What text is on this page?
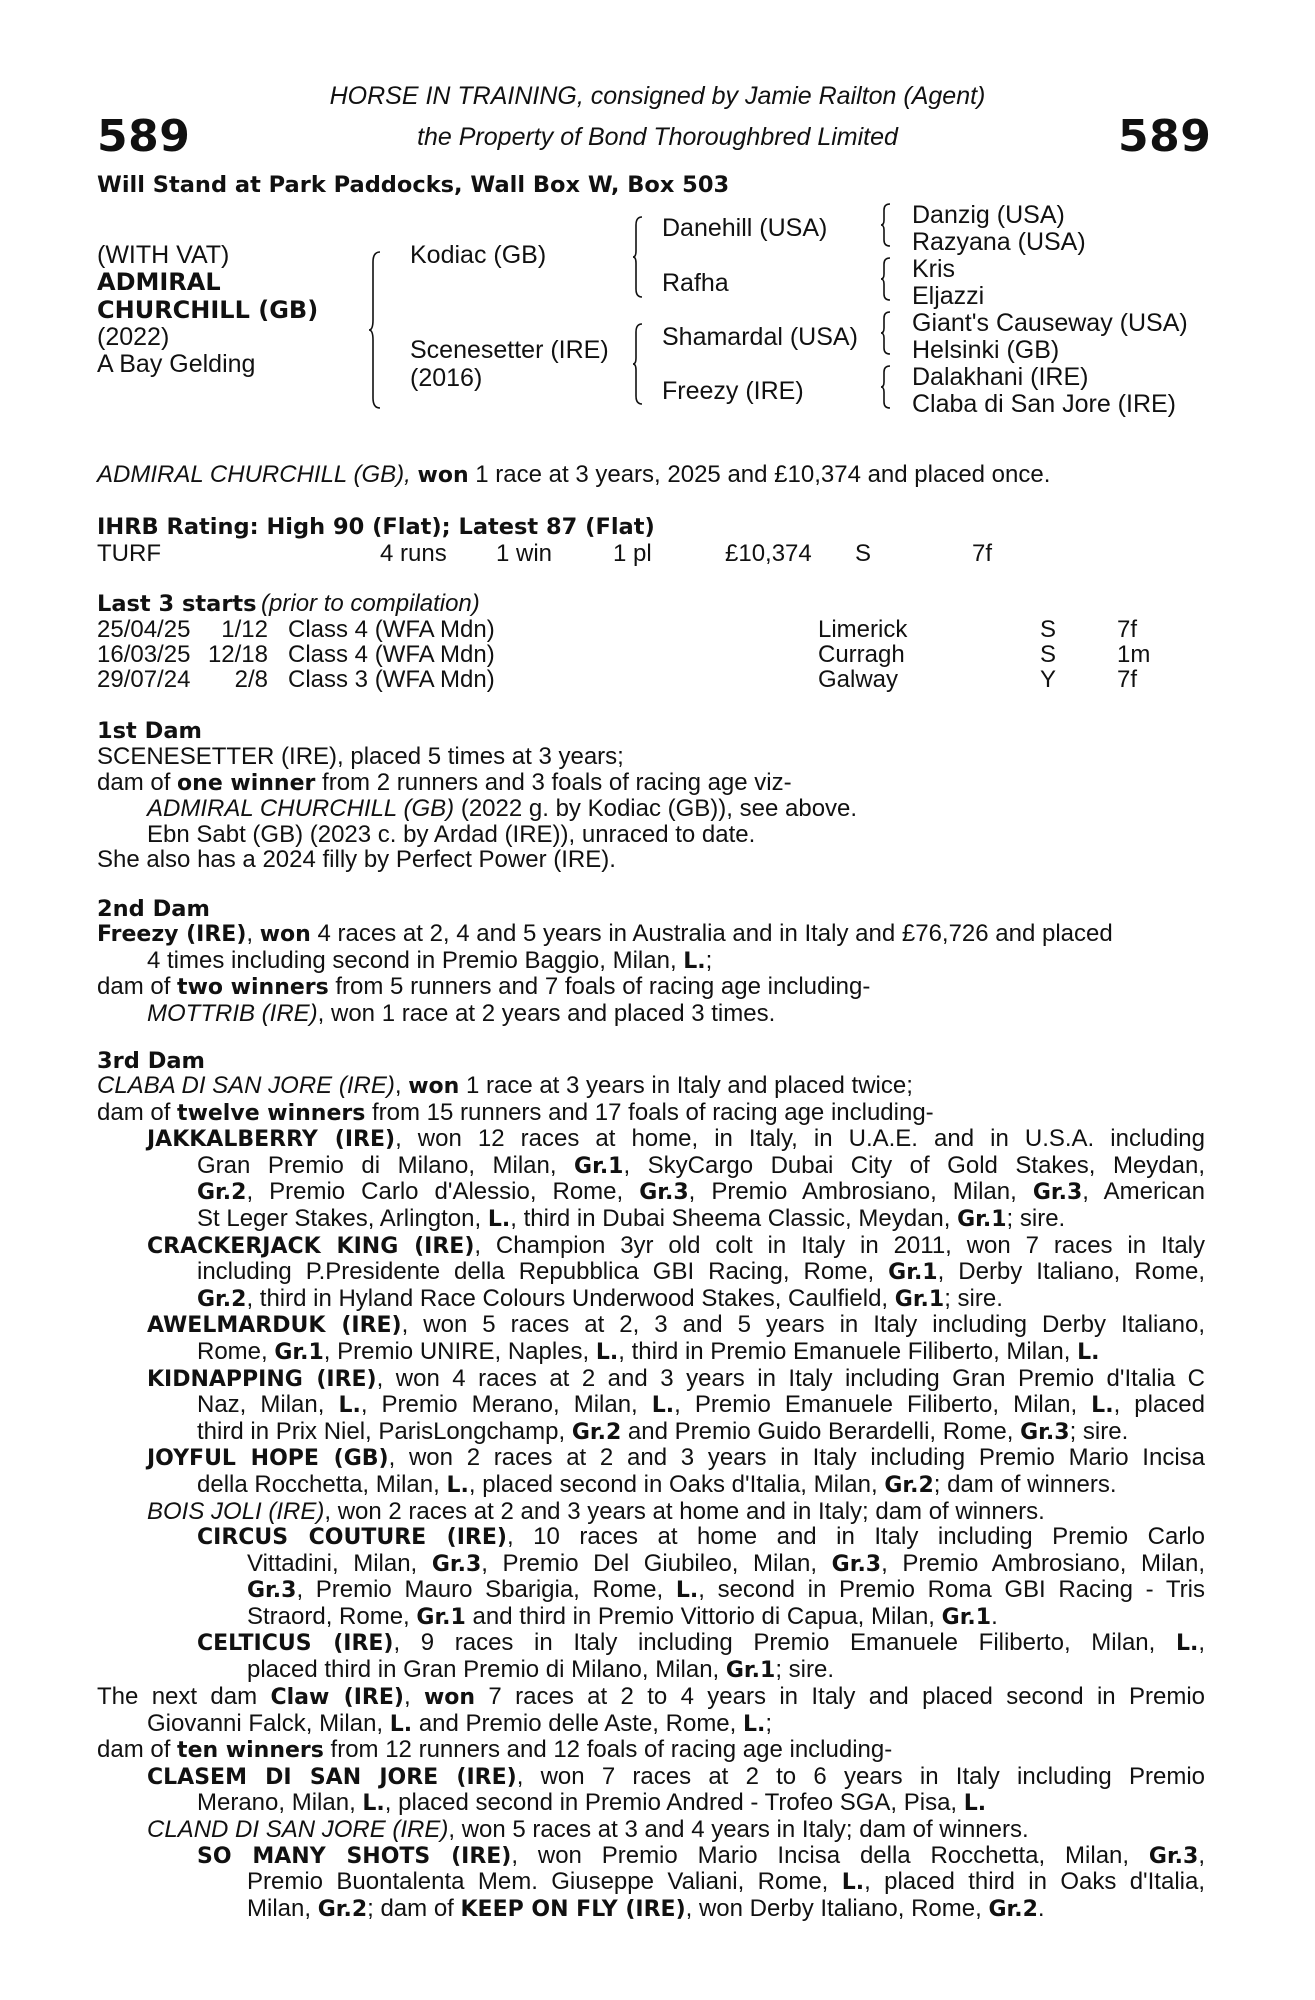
589	589
HORSE IN TRAINING, consigned by Jamie Railton (Agent)
the Property of Bond Thoroughbred Limited
Will Stand at Park Paddocks, Wall Box W, Box 503
(WITH VAT)
ADMIRAL
CHURCHILL (GB)
(2022)
A Bay Gelding
Kodiac (GB)
Scenesetter (IRE)
(2016)
Danehill (USA)
Rafha
Shamardal (USA)
Freezy (IRE)
Danzig (USA)
Razyana (USA)
Kris
Eljazzi
Giant's Causeway (USA)
Helsinki (GB)
Dalakhani (IRE)
Claba di San Jore (IRE)
ADMIRAL CHURCHILL (GB), won 1 race at 3 years, 2025 and £10,374 and placed once.
IHRB Rating: High 90 (Flat); Latest 87 (Flat)
TURF	4 runs 1 win	1 pl	£10,374 S	7f
Last 3 starts (prior to compilation)
25/04/25	1/12 Class 4 (WFA Mdn)	Limerick	S	7f
16/03/25 12/18 Class 4 (WFA Mdn)	Curragh	S	1m
29/07/24	2/8 Class 3 (WFA Mdn)	Galway	Y	7f
1st Dam
SCENESETTER (IRE), placed 5 times at 3 years;
dam of one winner from 2 runners and 3 foals of racing age viz-
ADMIRAL CHURCHILL (GB) (2022 g. by Kodiac (GB)), see above.
Ebn Sabt (GB) (2023 c. by Ardad (IRE)), unraced to date.
She also has a 2024 filly by Perfect Power (IRE).
2nd Dam
Freezy (IRE), won 4 races at 2, 4 and 5 years in Australia and in Italy and £76,726 and placed
4 times including second in Premio Baggio, Milan, L.;
dam of two winners from 5 runners and 7 foals of racing age including-
MOTTRIB (IRE), won 1 race at 2 years and placed 3 times.
3rd Dam
CLABA DI SAN JORE (IRE), won 1 race at 3 years in Italy and placed twice;
dam of twelve winners from 15 runners and 17 foals of racing age including-
JAKKALBERRY (IRE), won 12 races at home, in Italy, in U.A.E. and in U.S.A. including
Gran Premio di Milano, Milan, Gr.1, SkyCargo Dubai City of Gold Stakes, Meydan,
Gr.2, Premio Carlo d'Alessio, Rome, Gr.3, Premio Ambrosiano, Milan, Gr.3, American
St Leger Stakes, Arlington, L., third in Dubai Sheema Classic, Meydan, Gr.1; sire.
CRACKERJACK KING (IRE), Champion 3yr old colt in Italy in 2011, won 7 races in Italy
including P.Presidente della Repubblica GBI Racing, Rome, Gr.1, Derby Italiano, Rome,
Gr.2, third in Hyland Race Colours Underwood Stakes, Caulfield, Gr.1; sire.
AWELMARDUK (IRE), won 5 races at 2, 3 and 5 years in Italy including Derby Italiano,
Rome, Gr.1, Premio UNIRE, Naples, L., third in Premio Emanuele Filiberto, Milan, L.
KIDNAPPING (IRE), won 4 races at 2 and 3 years in Italy including Gran Premio d'Italia C
Naz, Milan, L., Premio Merano, Milan, L., Premio Emanuele Filiberto, Milan, L., placed
third in Prix Niel, ParisLongchamp, Gr.2 and Premio Guido Berardelli, Rome, Gr.3; sire.
JOYFUL HOPE (GB), won 2 races at 2 and 3 years in Italy including Premio Mario Incisa
della Rocchetta, Milan, L., placed second in Oaks d'Italia, Milan, Gr.2; dam of winners.
BOIS JOLI (IRE), won 2 races at 2 and 3 years at home and in Italy; dam of winners.
CIRCUS COUTURE (IRE), 10 races at home and in Italy including Premio Carlo
Vittadini, Milan, Gr.3, Premio Del Giubileo, Milan, Gr.3, Premio Ambrosiano, Milan,
Gr.3, Premio Mauro Sbarigia, Rome, L., second in Premio Roma GBI Racing - Tris
Straord, Rome, Gr.1 and third in Premio Vittorio di Capua, Milan, Gr.1.
CELTICUS (IRE), 9 races in Italy including Premio Emanuele Filiberto, Milan, L.,
placed third in Gran Premio di Milano, Milan, Gr.1; sire.
The next dam Claw (IRE), won 7 races at 2 to 4 years in Italy and placed second in Premio
Giovanni Falck, Milan, L. and Premio delle Aste, Rome, L.;
dam of ten winners from 12 runners and 12 foals of racing age including-
CLASEM DI SAN JORE (IRE), won 7 races at 2 to 6 years in Italy including Premio
Merano, Milan, L., placed second in Premio Andred - Trofeo SGA, Pisa, L.
CLAND DI SAN JORE (IRE), won 5 races at 3 and 4 years in Italy; dam of winners.
SO MANY SHOTS (IRE), won Premio Mario Incisa della Rocchetta, Milan, Gr.3,
Premio Buontalenta Mem. Giuseppe Valiani, Rome, L., placed third in Oaks d'Italia,
Milan, Gr.2; dam of KEEP ON FLY (IRE), won Derby Italiano, Rome, Gr.2.
